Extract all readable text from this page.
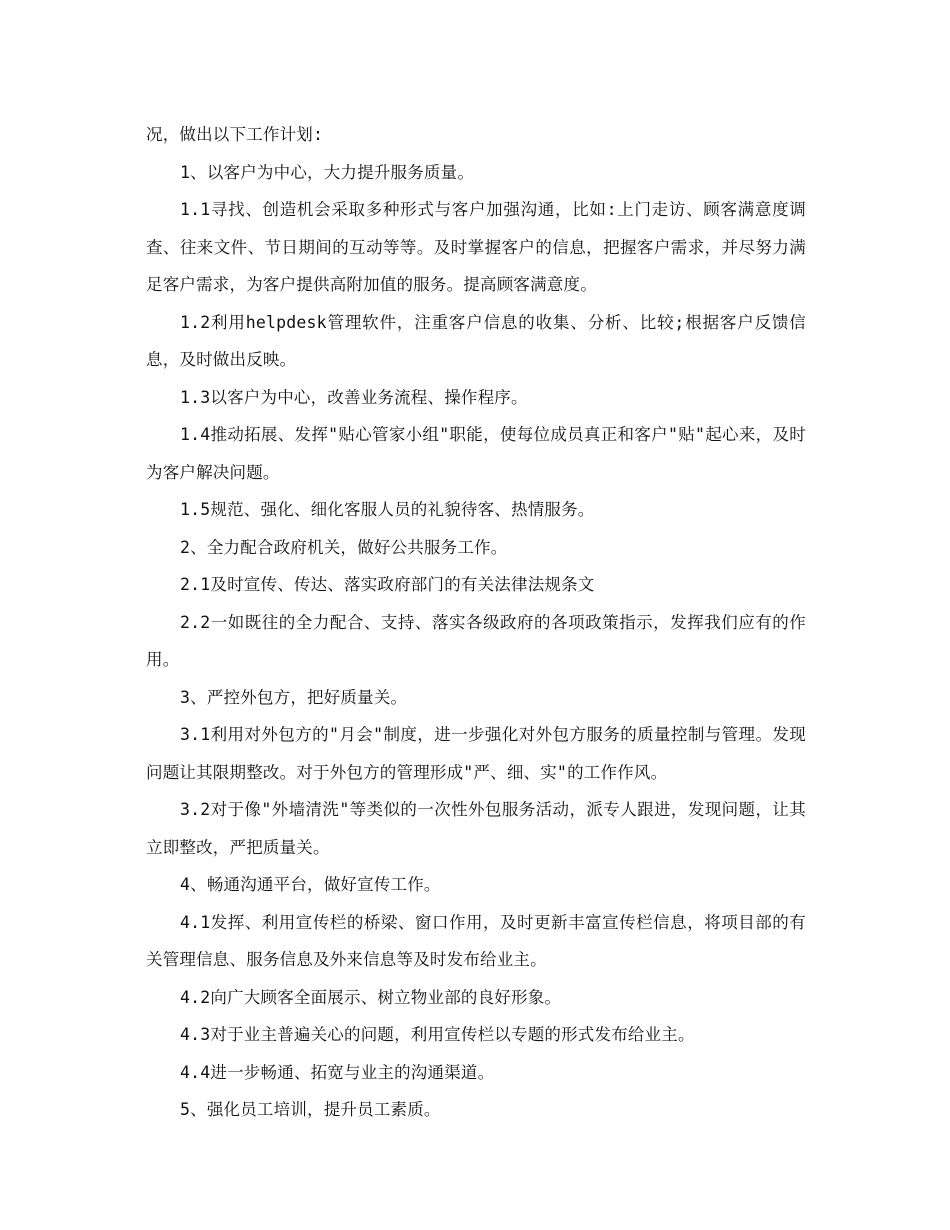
况，做出以下工作计划:

1、以客户为中心，大力提升服务质量。

1.1寻找、创造机会采取多种形式与客户加强沟通，比如:上门走访、顾客满意度调查、往来文件、节日期间的互动等等。及时掌握客户的信息，把握客户需求，并尽努力满足客户需求，为客户提供高附加值的服务。提高顾客满意度。

1.2利用helpdesk管理软件，注重客户信息的收集、分析、比较;根据客户反馈信息，及时做出反映。

1.3以客户为中心，改善业务流程、操作程序。

1.4推动拓展、发挥"贴心管家小组"职能，使每位成员真正和客户"贴"起心来，及时为客户解决问题。

1.5规范、强化、细化客服人员的礼貌待客、热情服务。

2、全力配合政府机关，做好公共服务工作。

2.1及时宣传、传达、落实政府部门的有关法律法规条文

2.2一如既往的全力配合、支持、落实各级政府的各项政策指示，发挥我们应有的作用。

3、严控外包方，把好质量关。

3.1利用对外包方的"月会"制度，进一步强化对外包方服务的质量控制与管理。发现问题让其限期整改。对于外包方的管理形成"严、细、实"的工作作风。

3.2对于像"外墙清洗"等类似的一次性外包服务活动，派专人跟进，发现问题，让其立即整改，严把质量关。

4、畅通沟通平台，做好宣传工作。

4.1发挥、利用宣传栏的桥梁、窗口作用，及时更新丰富宣传栏信息，将项目部的有关管理信息、服务信息及外来信息等及时发布给业主。

4.2向广大顾客全面展示、树立物业部的良好形象。

4.3对于业主普遍关心的问题，利用宣传栏以专题的形式发布给业主。

4.4进一步畅通、拓宽与业主的沟通渠道。

5、强化员工培训，提升员工素质。
